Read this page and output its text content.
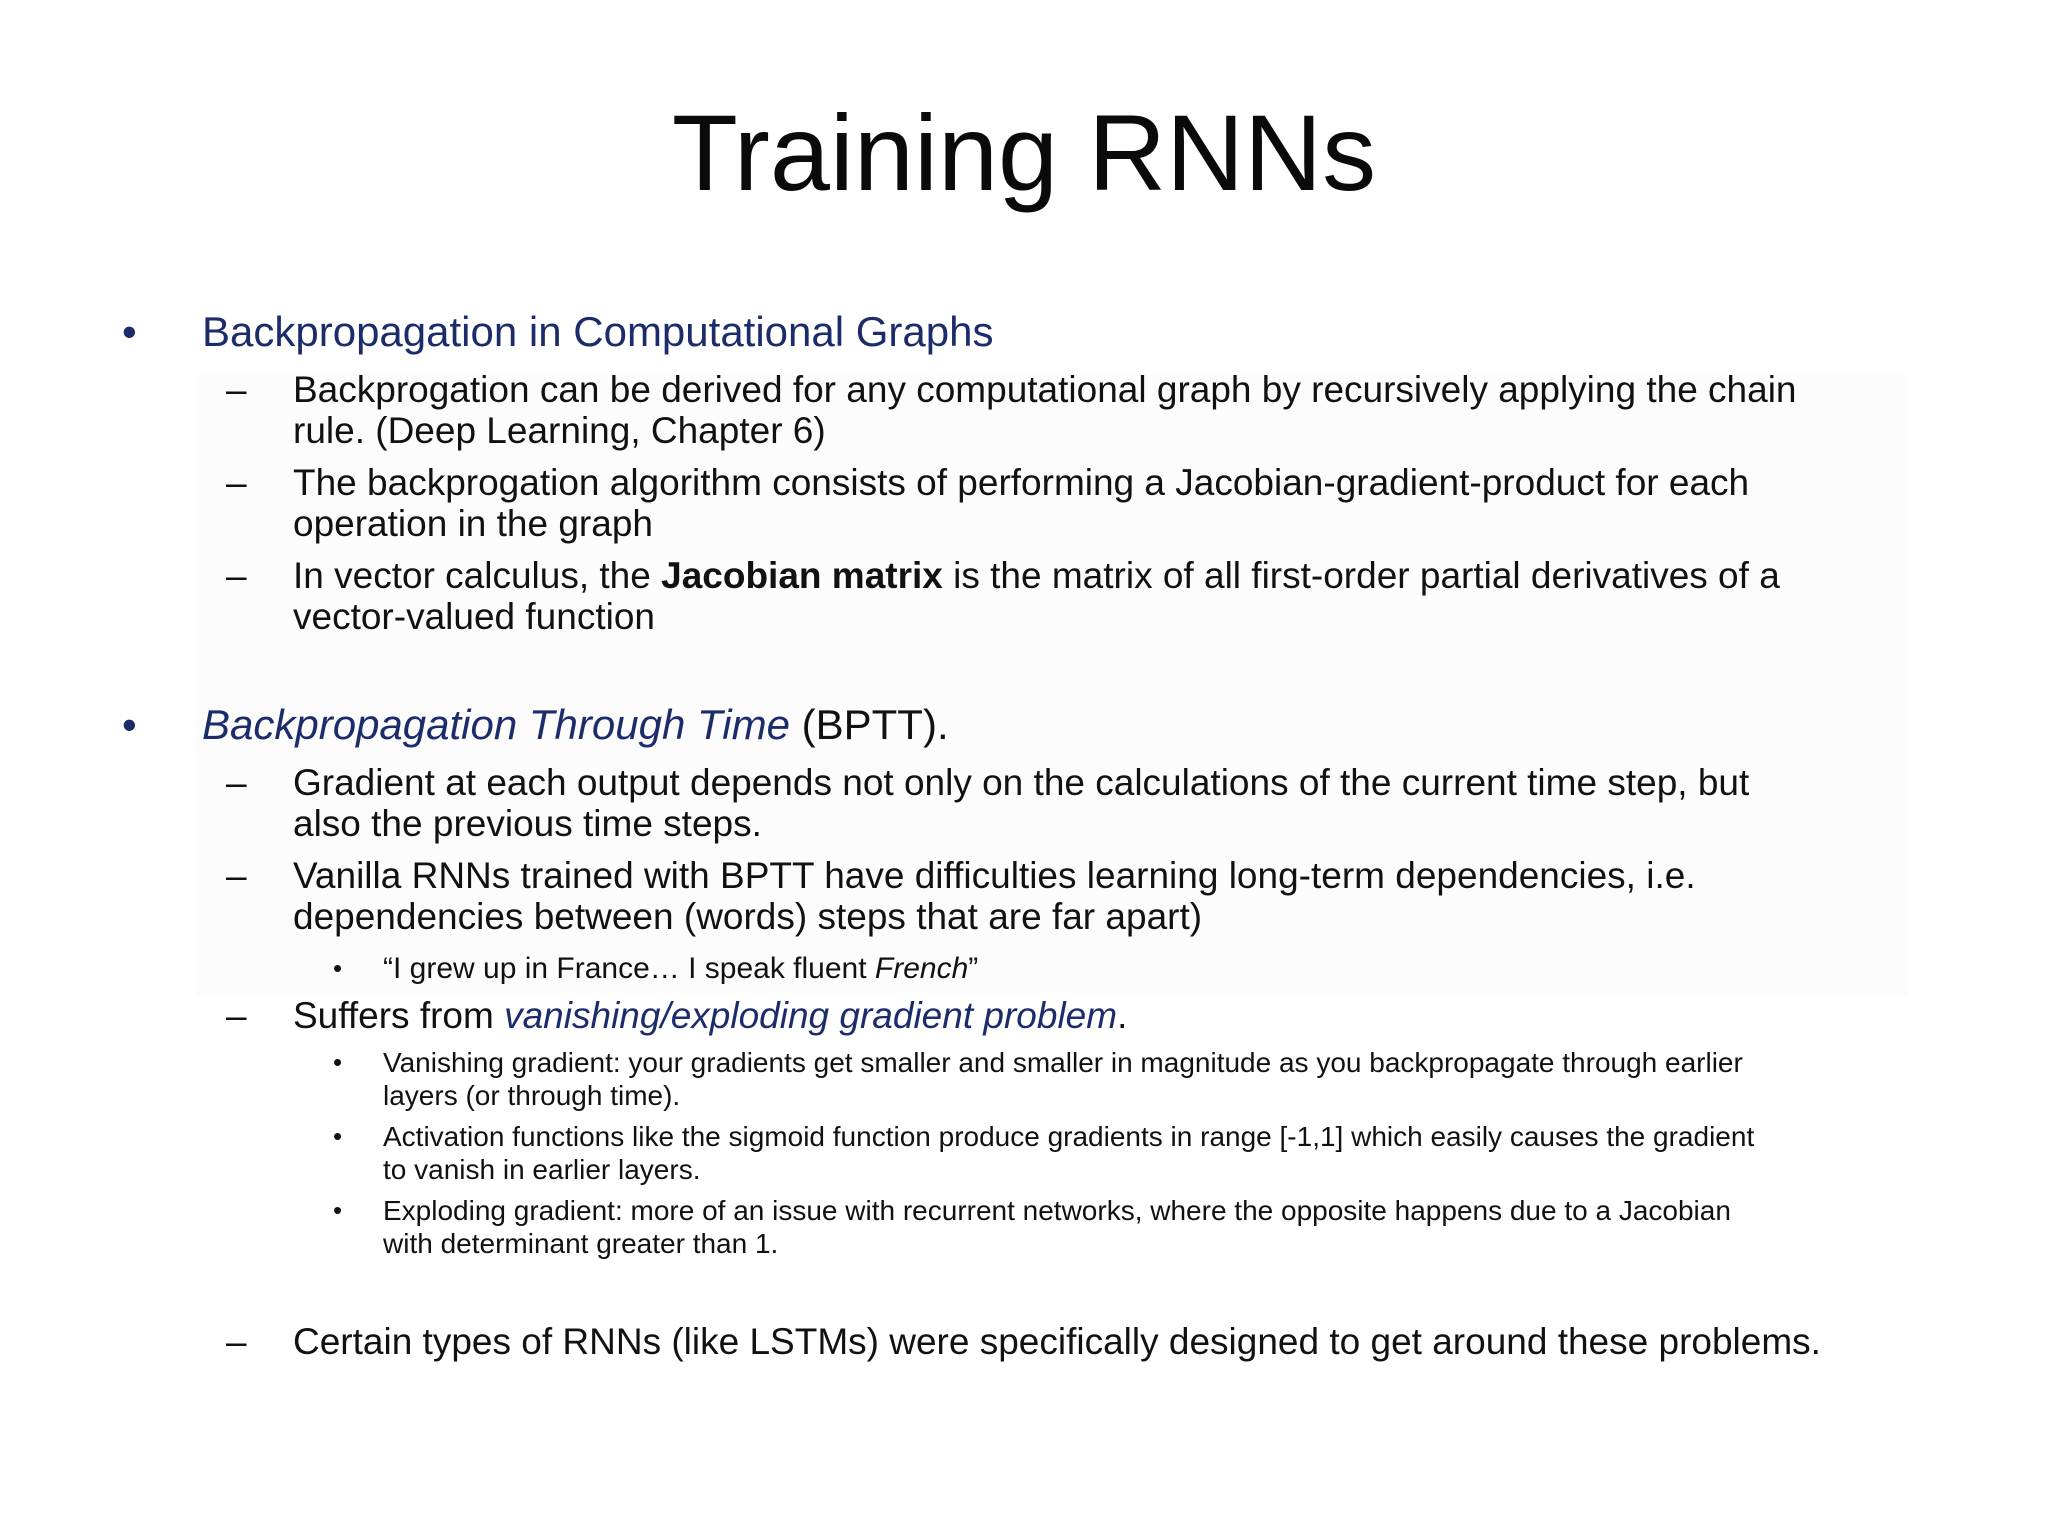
Training RNNs
• Backpropagation in Computational Graphs
– Backprogation can be derived for any computational graph by recursively applying the chain
rule. (Deep Learning, Chapter 6)
– The backprogation algorithm consists of performing a Jacobian-gradient-product for each
operation in the graph
– In vector calculus, the Jacobian matrix is the matrix of all first-order partial derivatives of a
vector-valued function
• Backpropagation Through Time (BPTT).
– Gradient at each output depends not only on the calculations of the current time step, but
also the previous time steps.
– Vanilla RNNs trained with BPTT have difficulties learning long-term dependencies, i.e.
dependencies between (words) steps that are far apart)
• “I grew up in France… I speak fluent French”
– Suffers from vanishing/exploding gradient problem.
• Vanishing gradient: your gradients get smaller and smaller in magnitude as you backpropagate through earlier
layers (or through time).
• Activation functions like the sigmoid function produce gradients in range [-1,1] which easily causes the gradient
to vanish in earlier layers.
• Exploding gradient: more of an issue with recurrent networks, where the opposite happens due to a Jacobian
with determinant greater than 1.
– Certain types of RNNs (like LSTMs) were specifically designed to get around these problems.
